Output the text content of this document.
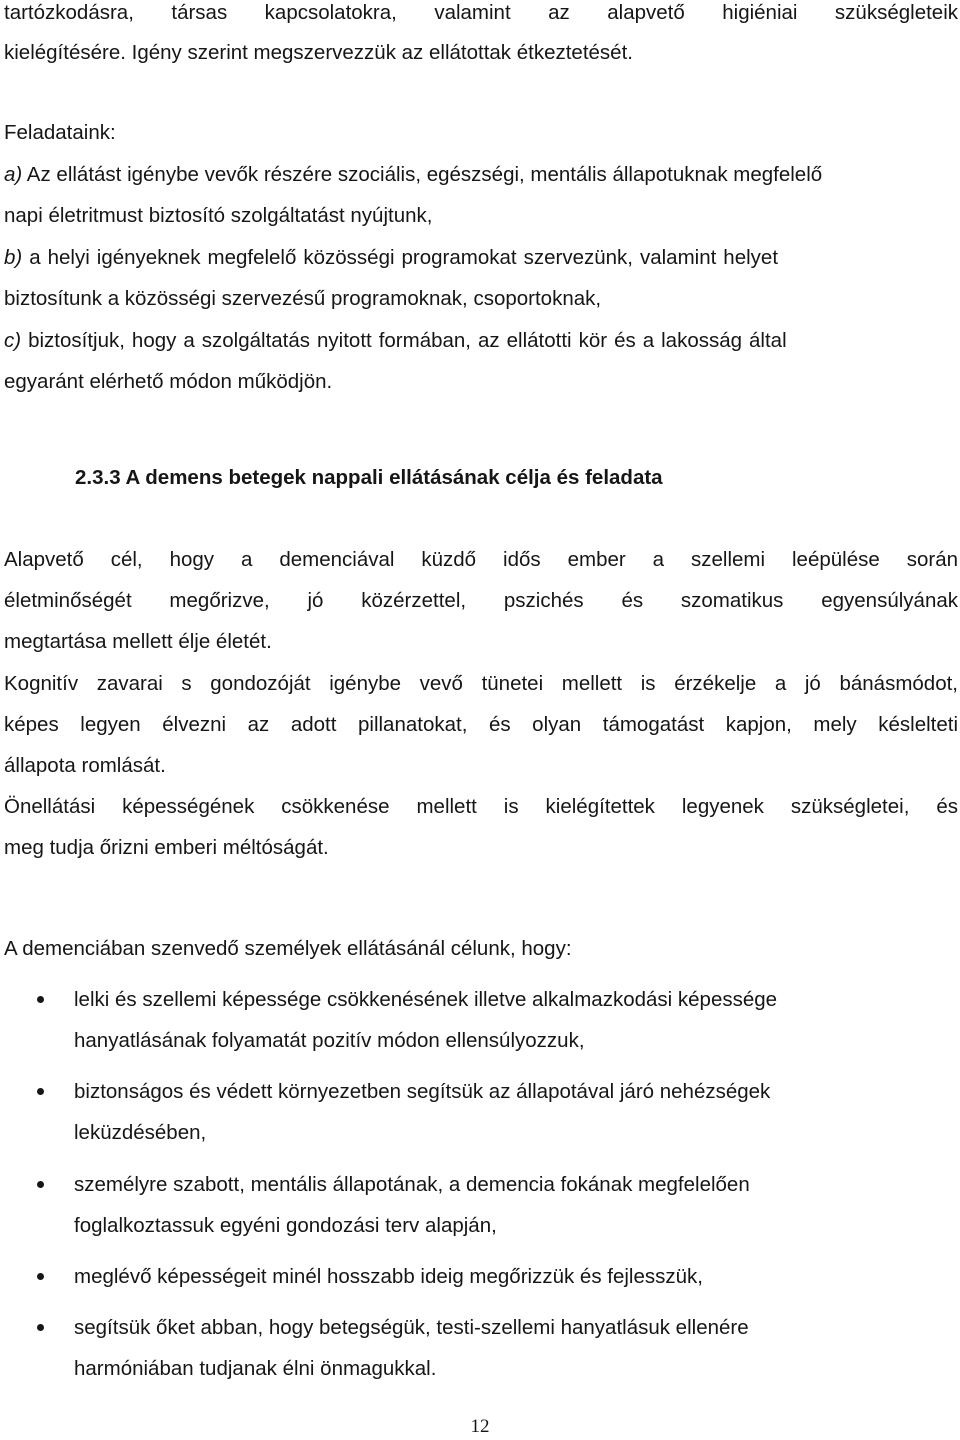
tartózkodásra, társas kapcsolatokra, valamint az alapvető higiéniai szükségleteik
kielégítésére. Igény szerint megszervezzük az ellátottak étkeztetését.
Feladataink:
a) Az ellátást igénybe vevők részére szociális, egészségi, mentális állapotuknak megfelelő
napi életritmust biztosító szolgáltatást nyújtunk,
b) a helyi igényeknek megfelelő közösségi programokat szervezünk, valamint helyet
biztosítunk a közösségi szervezésű programoknak, csoportoknak,
c) biztosítjuk, hogy a szolgáltatás nyitott formában, az ellátotti kör és a lakosság által
egyaránt elérhető módon működjön.
2.3.3 A demens betegek nappali ellátásának célja és feladata
Alapvető cél, hogy a demenciával küzdő idős ember a szellemi leépülése során
életminőségét megőrizve, jó közérzettel, pszichés és szomatikus egyensúlyának
megtartása mellett élje életét.
Kognitív zavarai s gondozóját igénybe vevő tünetei mellett is érzékelje a jó bánásmódot,
képes legyen élvezni az adott pillanatokat, és olyan támogatást kapjon, mely késlelteti
állapota romlását.
Önellátási képességének csökkenése mellett is kielégítettek legyenek szükségletei, és
meg tudja őrizni emberi méltóságát.
A demenciában szenvedő személyek ellátásánál célunk, hogy:
lelki és szellemi képessége csökkenésének illetve alkalmazkodási képessége
hanyatlásának folyamatát pozitív módon ellensúlyozzuk,
biztonságos és védett környezetben segítsük az állapotával járó nehézségek
leküzdésében,
személyre szabott, mentális állapotának, a demencia fokának megfelelően
foglalkoztassuk egyéni gondozási terv alapján,
meglévő képességeit minél hosszabb ideig megőrizzük és fejlesszük,
segítsük őket abban, hogy betegségük, testi-szellemi hanyatlásuk ellenére
harmóniában tudjanak élni önmagukkal.
12
